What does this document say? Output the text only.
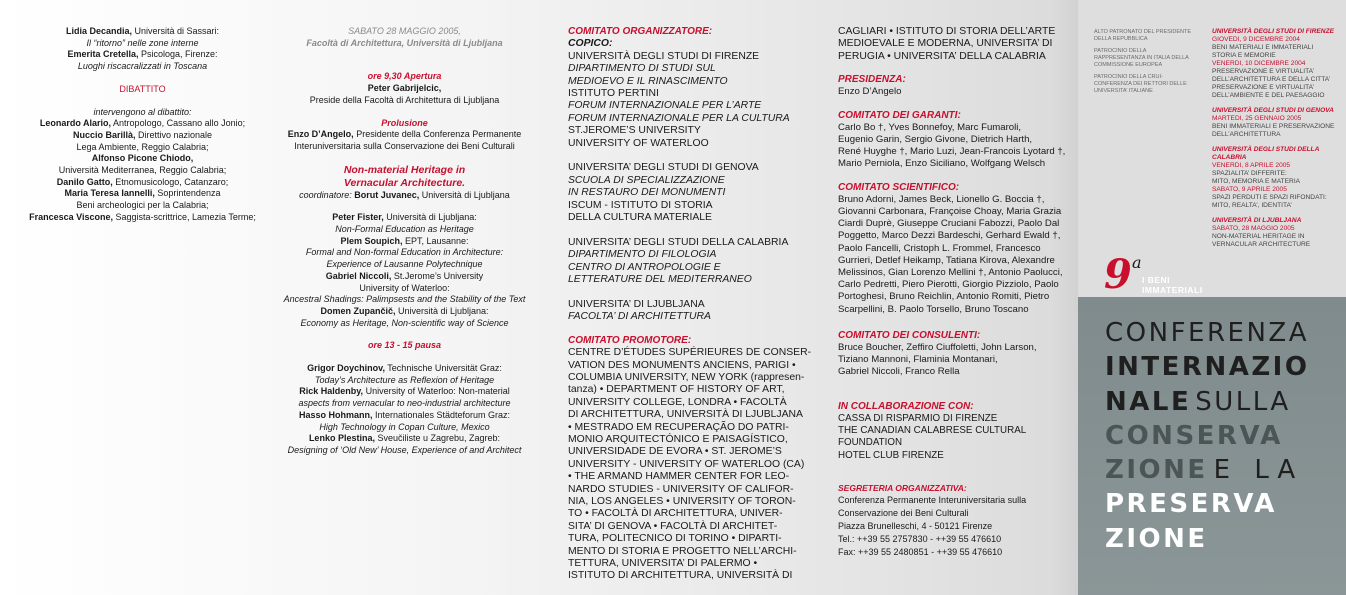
Lidia Decandia, Università di Sassari:
Il “ritorno” nelle zone interne
Emerita Cretella, Psicologa, Firenze:
Luoghi riscacralizzati in Toscana
DIBATTITO
intervengono al dibattito:
Leonardo Alario, Antropologo, Cassano allo Jonio;
Nuccio Barillà, Direttivo nazionale
Lega Ambiente, Reggio Calabria;
Alfonso Picone Chiodo,
Università Mediterranea, Reggio Calabria;
Danilo Gatto, Etnomusicologo, Catanzaro;
Maria Teresa Iannelli, Soprintendenza
Beni archeologici per la Calabria;
Francesca Viscone, Saggista-scrittrice, Lamezia Terme;
SABATO 28 MAGGIO 2005,
Facoltà di Architettura, Università di Ljubljana
ore 9,30 Apertura
Peter Gabrijelcic,
Preside della Facoltà di Architettura di Ljubljana
Prolusione
Enzo D’Angelo, Presidente della Conferenza Permanente
Interuniversitaria sulla Conservazione dei Beni Culturali
Non-material Heritage in
Vernacular Architecture.
coordinatore: Borut Juvanec, Università di Ljubljana
Peter Fister, Università di Ljubljana:
Non-Formal Education as Heritage
Plem Soupich, EPT, Lausanne:
Formal and Non-formal Education in Architecture:
Experience of Lausanne Polytechnique
Gabriel Niccoli, St.Jerome’s University
University of Waterloo:
Ancestral Shadings: Palimpsests and the Stability of the Text
Domen Zupančič, Università di Ljubljana:
Economy as Heritage, Non-scientific way of Science
ore 13 - 15 pausa
Grigor Doychinov, Technische Universität Graz:
Today’s Architecture as Reflexion of Heritage
Rick Haldenby, University of Waterloo: Non-material
aspects from vernacular to neo-industrial architecture
Hasso Hohmann, Internationales Städteforum Graz:
High Technology in Copan Culture, Mexico
Lenko Plestina, Sveučiliste u Zagrebu, Zagreb:
Designing of ‘Old New’ House, Experience of and Architect
COMITATO ORGANIZZATORE:
COPICO:
UNIVERSITÀ DEGLI STUDI DI FIRENZE
DIPARTIMENTO DI STUDI SUL
MEDIOEVO E IL RINASCIMENTO
ISTITUTO PERTINI
FORUM INTERNAZIONALE PER L’ARTE
FORUM INTERNAZIONALE PER LA CULTURA
ST.JEROME’S UNIVERSITY
UNIVERSITY OF WATERLOO

UNIVERSITA’ DEGLI STUDI DI GENOVA
SCUOLA DI SPECIALIZZAZIONE
IN RESTAURO DEI MONUMENTI
ISCUM - ISTITUTO DI STORIA
DELLA CULTURA MATERIALE

UNIVERSITA’ DEGLI STUDI DELLA CALABRIA
DIPARTIMENTO DI FILOLOGIA
CENTRO DI ANTROPOLOGIE E
LETTERATURE DEL MEDITERRANEO

UNIVERSITA’ DI LJUBLJANA
FACOLTA’ DI ARCHITETTURA
COMITATO PROMOTORE:
CENTRE D’ÉTUDES SUPÉRIEURES DE CONSER-
VATION DES MONUMENTS ANCIENS, PARIGI •
COLUMBIA UNIVERSITY, NEW YORK (rappresen-
tanza) • DEPARTMENT OF HISTORY OF ART,
UNIVERSITY COLLEGE, LONDRA • FACOLTÀ
DI ARCHITETTURA, UNIVERSITÀ DI LJUBLJANA
• MESTRADO EM RECUPERAÇÃO DO PATRI-
MONIO ARQUITECTÓNICO E PAISAGÍSTICO,
UNIVERSIDADE DE EVORA • ST. JEROME’S
UNIVERSITY - UNIVERSITY OF WATERLOO (CA)
• THE ARMAND HAMMER CENTER FOR LEO-
NARDO STUDIES - UNIVERSITY OF CALIFOR-
NIA, LOS ANGELES • UNIVERSITY OF TORON-
TO • FACOLTÀ DI ARCHITETTURA, UNIVER-
SITA’ DI GENOVA • FACOLTÀ DI ARCHITET-
TURA, POLITECNICO DI TORINO • DIPARTI-
MENTO DI STORIA E PROGETTO NELL’ARCHI-
TETTURA, UNIVERSITA’ DI PALERMO •
ISTITUTO DI ARCHITETTURA, UNIVERSITÀ DI
CAGLIARI • ISTITUTO DI STORIA DELL’ARTE
MEDIOEVALE E MODERNA, UNIVERSITA’ DI
PERUGIA • UNIVERSITA’ DELLA CALABRIA
PRESIDENZA:
Enzo D’Angelo
COMITATO DEI GARANTI:
Carlo Bo †, Yves Bonnefoy, Marc Fumaroli,
Eugenio Garin, Sergio Givone, Dietrich Harth,
René Huyghe †, Mario Luzi, Jean-Francois Lyotard †,
Mario Perniola, Enzo Siciliano, Wolfgang Welsch
COMITATO SCIENTIFICO:
Bruno Adorni, James Beck, Lionello G. Boccia †,
Giovanni Carbonara, Françoise Choay, Maria Grazia
Ciardi Duprè, Giuseppe Cruciani Fabozzi, Paolo Dal
Poggetto, Marco Dezzi Bardeschi, Gerhard Ewald †,
Paolo Fancelli, Cristoph L. Frommel, Francesco
Gurrieri, Detlef Heikamp, Tatiana Kirova, Alexandre
Melissinos, Gian Lorenzo Mellini †, Antonio Paolucci,
Carlo Pedretti, Piero Pierotti, Giorgio Pizziolo, Paolo
Portoghesi, Bruno Reichlin, Antonio Romiti, Pietro
Scarpellini, B. Paolo Torsello, Bruno Toscano
COMITATO DEI CONSULENTI:
Bruce Boucher, Zeffiro Ciuffoletti, John Larson,
Tiziano Mannoni, Flaminia Montanari,
Gabriel Niccoli, Franco Rella
IN COLLABORAZIONE CON:
CASSA DI RISPARMIO DI FIRENZE
THE CANADIAN CALABRESE CULTURAL
FOUNDATION
HOTEL CLUB FIRENZE
SEGRETERIA ORGANIZZATIVA:
Conferenza Permanente Interuniversitaria sulla
Conservazione dei Beni Culturali
Piazza Brunelleschi, 4 - 50121 Firenze
Tel.: ++39 55 2757830 - ++39 55 476610
Fax: ++39 55 2480851 - ++39 55 476610
ALTO PATRONATO DEL PRESIDENTE DELLA REPUBBLICA
PATROCINIO DELLA RAPPRESENTANZA IN ITALIA DELLA COMMISSIONE EUROPEA
PATROCINIO DELLA CRUI-CONFERENZA DEI RETTORI DELLE UNIVERSITA’ ITALIANE
UNIVERSITÀ DEGLI STUDI DI FIRENZE
GIOVEDI, 9 DICEMBRE 2004
BENI MATERIALI E IMMATERIALI
STORIA E MEMORIE
VENERDI, 10 DICEMBRE 2004
PRESERVAZIONE E VIRTUALITA’
DELL’ARCHITETTURA E DELLA CITTA’
PRESERVAZIONE E VIRTUALITA’
DELL’AMBIENTE E DEL PAESAGGIO
UNIVERSITÀ DEGLI STUDI DI GENOVA
MARTEDI, 25 GENNAIO 2005
BENI IMMATERIALI E PRESERVAZIONE
DELL’ARCHITETTURA
UNIVERSITÀ DEGLI STUDI DELLA CALABRIA
VENERDI, 8 APRILE 2005
SPAZIALITA’ DIFFERITE:
MITO, MEMORIA E MATERIA
SABATO, 9 APRILE 2005
SPAZI PERDUTI E SPAZI RIFONDATI:
MITO, REALTA’, IDENTITA’
UNIVERSITÀ DI LJUBLJANA
SABATO, 28 MAGGIO 2005
NON-MATERIAL HERITAGE IN
VERNACULAR ARCHITECTURE
9 a
I BENI
IMMATERIALI
CONFERENZA
INTERNAZIO
NALE SULLA
CONSERVA
ZIONE E LA
PRESERVA
ZIONE
